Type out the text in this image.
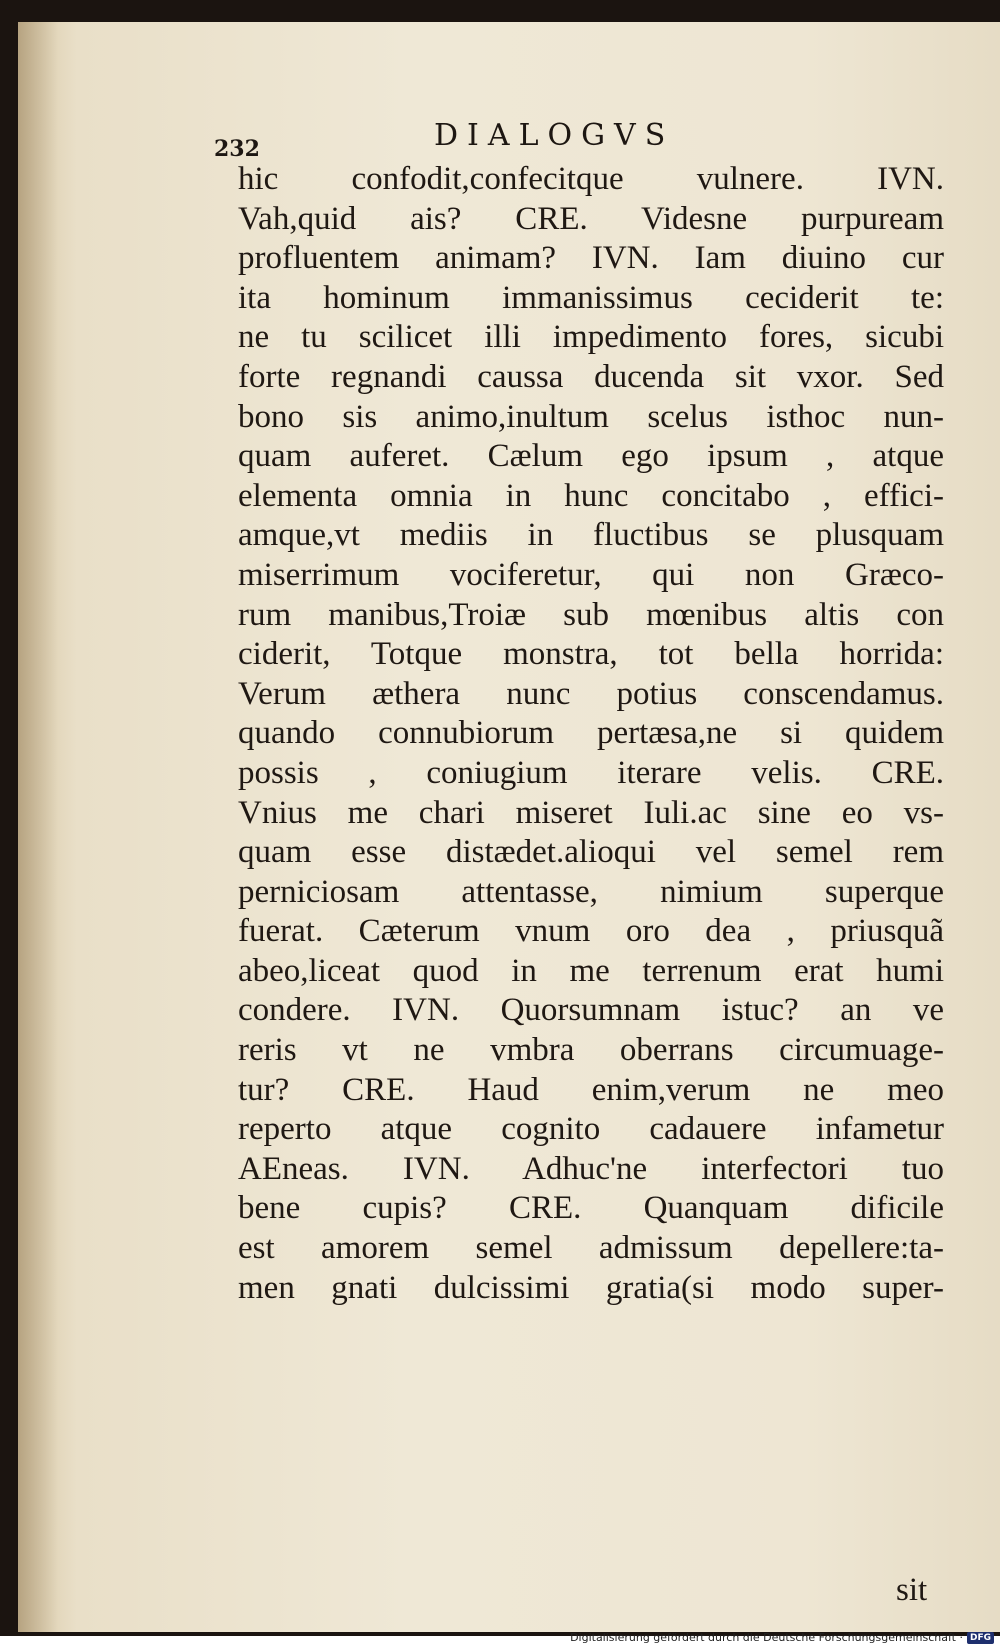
232	DIALOGVS
hic confodit,confecitque vulnere. IVN.
Vah,quid ais? CRE. Videsne purpuream
profluentem animam? IVN. Iam diuino cur
ita hominum immanissimus ceciderit te:
ne tu scilicet illi impedimento fores, sicubi
forte regnandi caussa ducenda sit vxor. Sed
bono sis animo,inultum scelus isthoc nun-
quam auferet. Cælum ego ipsum , atque
elementa omnia in hunc concitabo , effici-
amque,vt mediis in fluctibus se plusquam
miserrimum vociferetur, qui non Græco-
rum manibus,Troiæ sub mœnibus altis con
ciderit, Totque monstra, tot bella horrida:
Verum æthera nunc potius conscendamus.
quando connubiorum pertæsa,ne si quidem
possis , coniugium iterare velis. CRE.
Vnius me chari miseret Iuli.ac sine eo vs-
quam esse distædet.alioqui vel semel rem
perniciosam attentasse, nimium superque
fuerat. Cæterum vnum oro dea , priusquã
abeo,liceat quod in me terrenum erat humi
condere. IVN. Quorsumnam istuc? an ve
reris vt ne vmbra oberrans circumuage-
tur? CRE. Haud enim,verum ne meo
reperto atque cognito cadauere infametur
AEneas. IVN. Adhuc'ne interfectori tuo
bene cupis? CRE. Quanquam dificile
est amorem semel admissum depellere:ta-
men gnati dulcissimi gratia(si modo super-
sit
Digitalisierung gefördert durch die Deutsche Forschungsgemeinschaft · DFG
